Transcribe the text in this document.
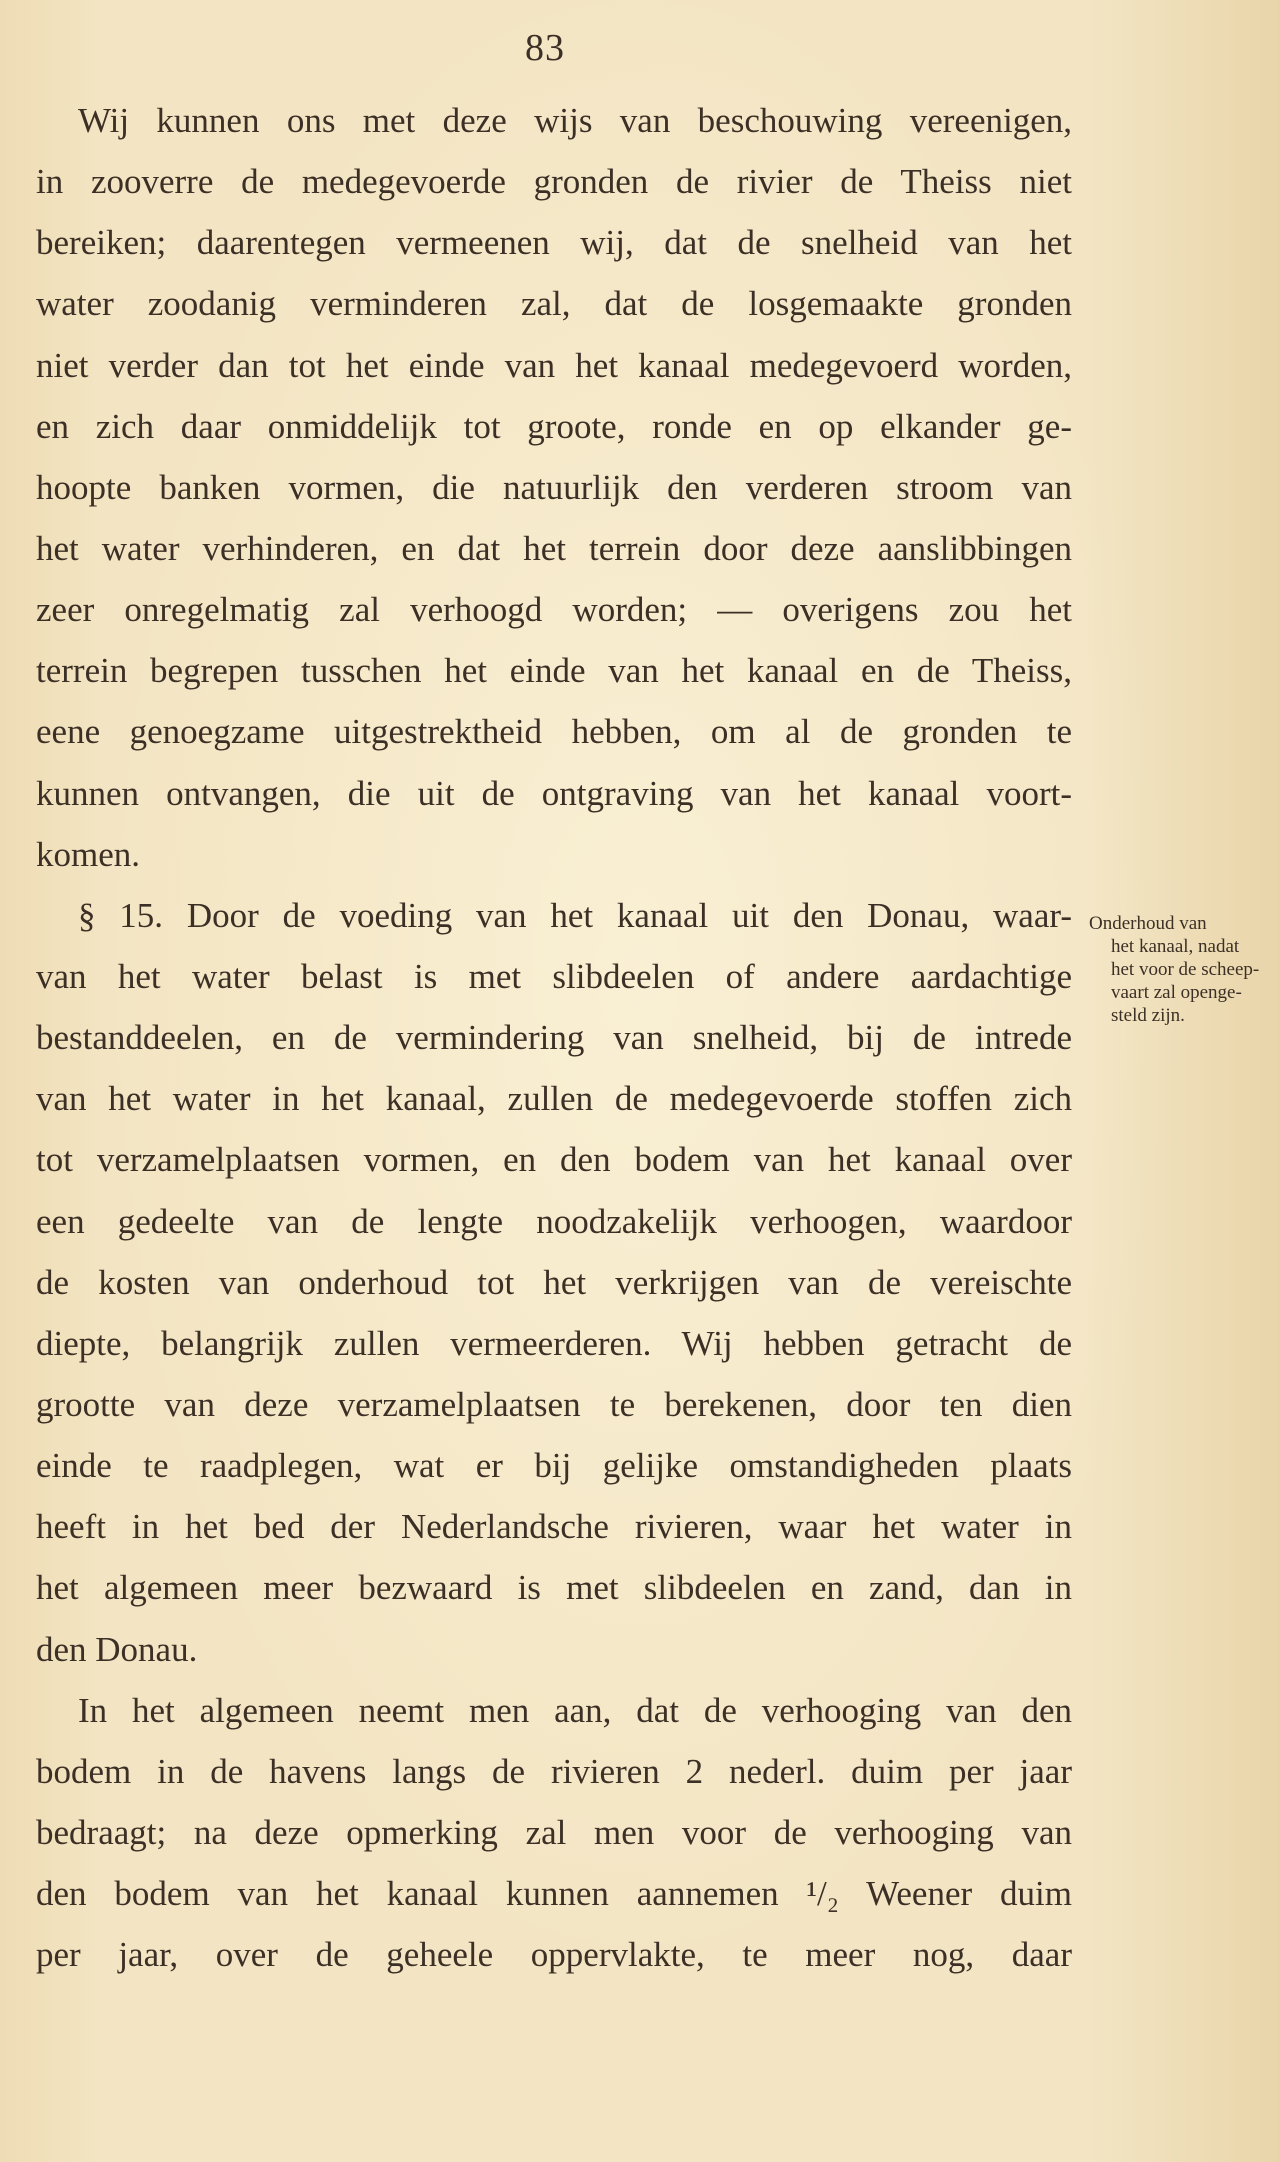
83
Wij kunnen ons met deze wijs van beschouwing vereenigen,
in zooverre de medegevoerde gronden de rivier de Theiss niet
bereiken; daarentegen vermeenen wij, dat de snelheid van het
water zoodanig verminderen zal, dat de losgemaakte gronden
niet verder dan tot het einde van het kanaal medegevoerd worden,
en zich daar onmiddelijk tot groote, ronde en op elkander ge-
hoopte banken vormen, die natuurlijk den verderen stroom van
het water verhinderen, en dat het terrein door deze aanslibbingen
zeer onregelmatig zal verhoogd worden; — overigens zou het
terrein begrepen tusschen het einde van het kanaal en de Theiss,
eene genoegzame uitgestrektheid hebben, om al de gronden te
kunnen ontvangen, die uit de ontgraving van het kanaal voort-
komen.
§ 15. Door de voeding van het kanaal uit den Donau, waar-
van het water belast is met slibdeelen of andere aardachtige
bestanddeelen, en de vermindering van snelheid, bij de intrede
van het water in het kanaal, zullen de medegevoerde stoffen zich
tot verzamelplaatsen vormen, en den bodem van het kanaal over
een gedeelte van de lengte noodzakelijk verhoogen, waardoor
de kosten van onderhoud tot het verkrijgen van de vereischte
diepte, belangrijk zullen vermeerderen. Wij hebben getracht de
grootte van deze verzamelplaatsen te berekenen, door ten dien
einde te raadplegen, wat er bij gelijke omstandigheden plaats
heeft in het bed der Nederlandsche rivieren, waar het water in
het algemeen meer bezwaard is met slibdeelen en zand, dan in
den Donau.
In het algemeen neemt men aan, dat de verhooging van den
bodem in de havens langs de rivieren 2 nederl. duim per jaar
bedraagt; na deze opmerking zal men voor de verhooging van
den bodem van het kanaal kunnen aannemen ¹/₂ Weener duim
per jaar, over de geheele oppervlakte, te meer nog, daar
Onderhoud van
het kanaal, nadat
het voor de scheep-
vaart zal openge-
steld zijn.
